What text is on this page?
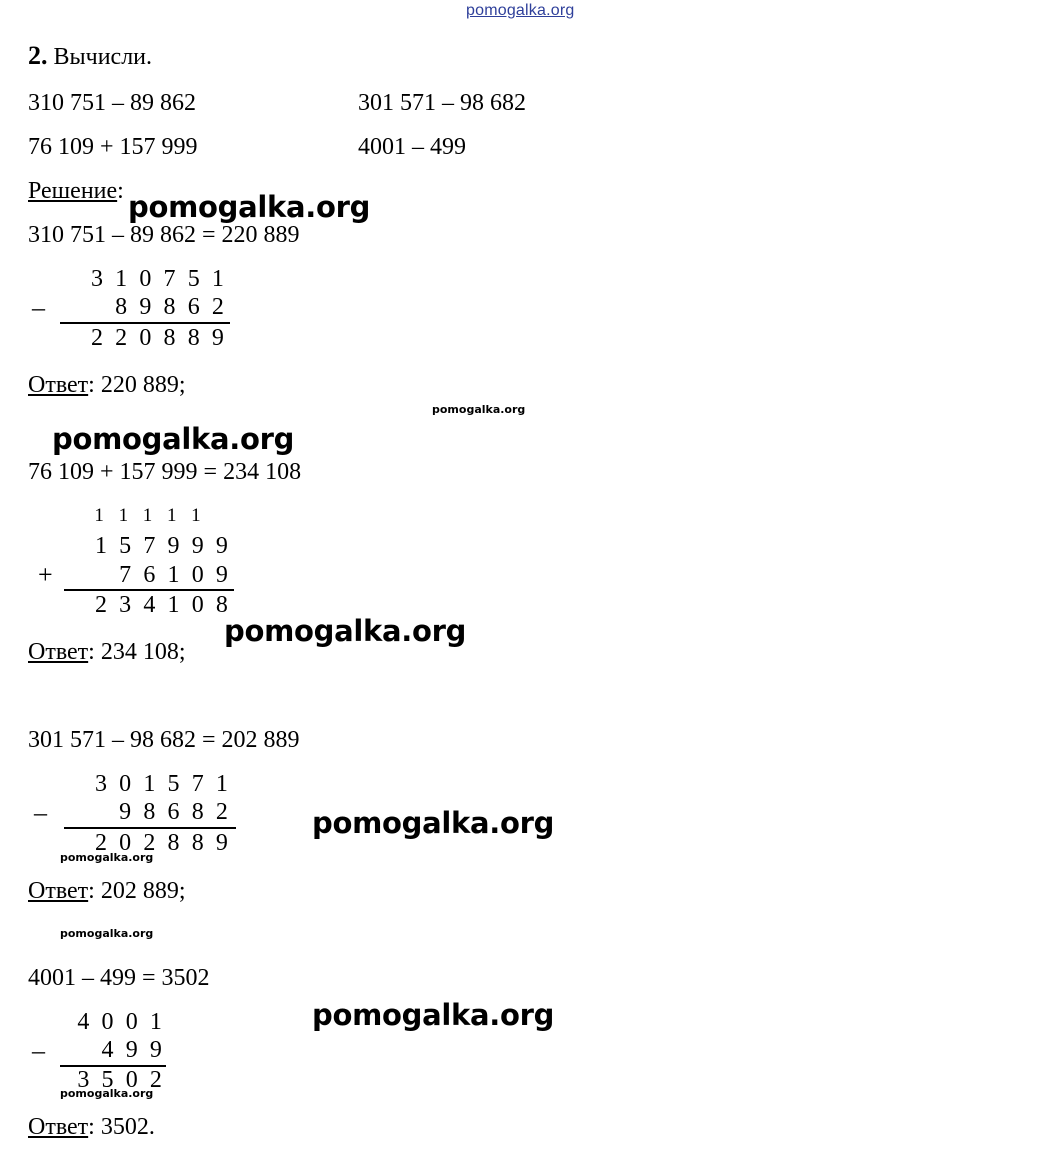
pomogalka.org
2. Вычисли.
310 751 – 89 862	301 571 – 98 682
76 109 + 157 999	4001 – 499
Решение: pomogalka.org
pomogalka.org
pomogalka.org
pomogalka.org
pomogalka.org
pomogalka.org
pomogalka.org
pomogalka.org
pomogalka.org
310 751 – 89 862 = 220 889
3 1 0 7 5 1
–	8 9 8 6 2
2 2 0 8 8 9
Ответ: 220 889;
76 109 + 157 999 = 234 108
1 1 1 1 1
1 5 7 9 9 9
+	7 6 1 0 9
2 3 4 1 0 8
Ответ: 234 108;
301 571 – 98 682 = 202 889
3 0 1 5 7 1
–	9 8 6 8 2
2 0 2 8 8 9
Ответ: 202 889;
4001 – 499 = 3502
4 0 0 1
– 4 9 9
3 5 0 2
Ответ: 3502.
